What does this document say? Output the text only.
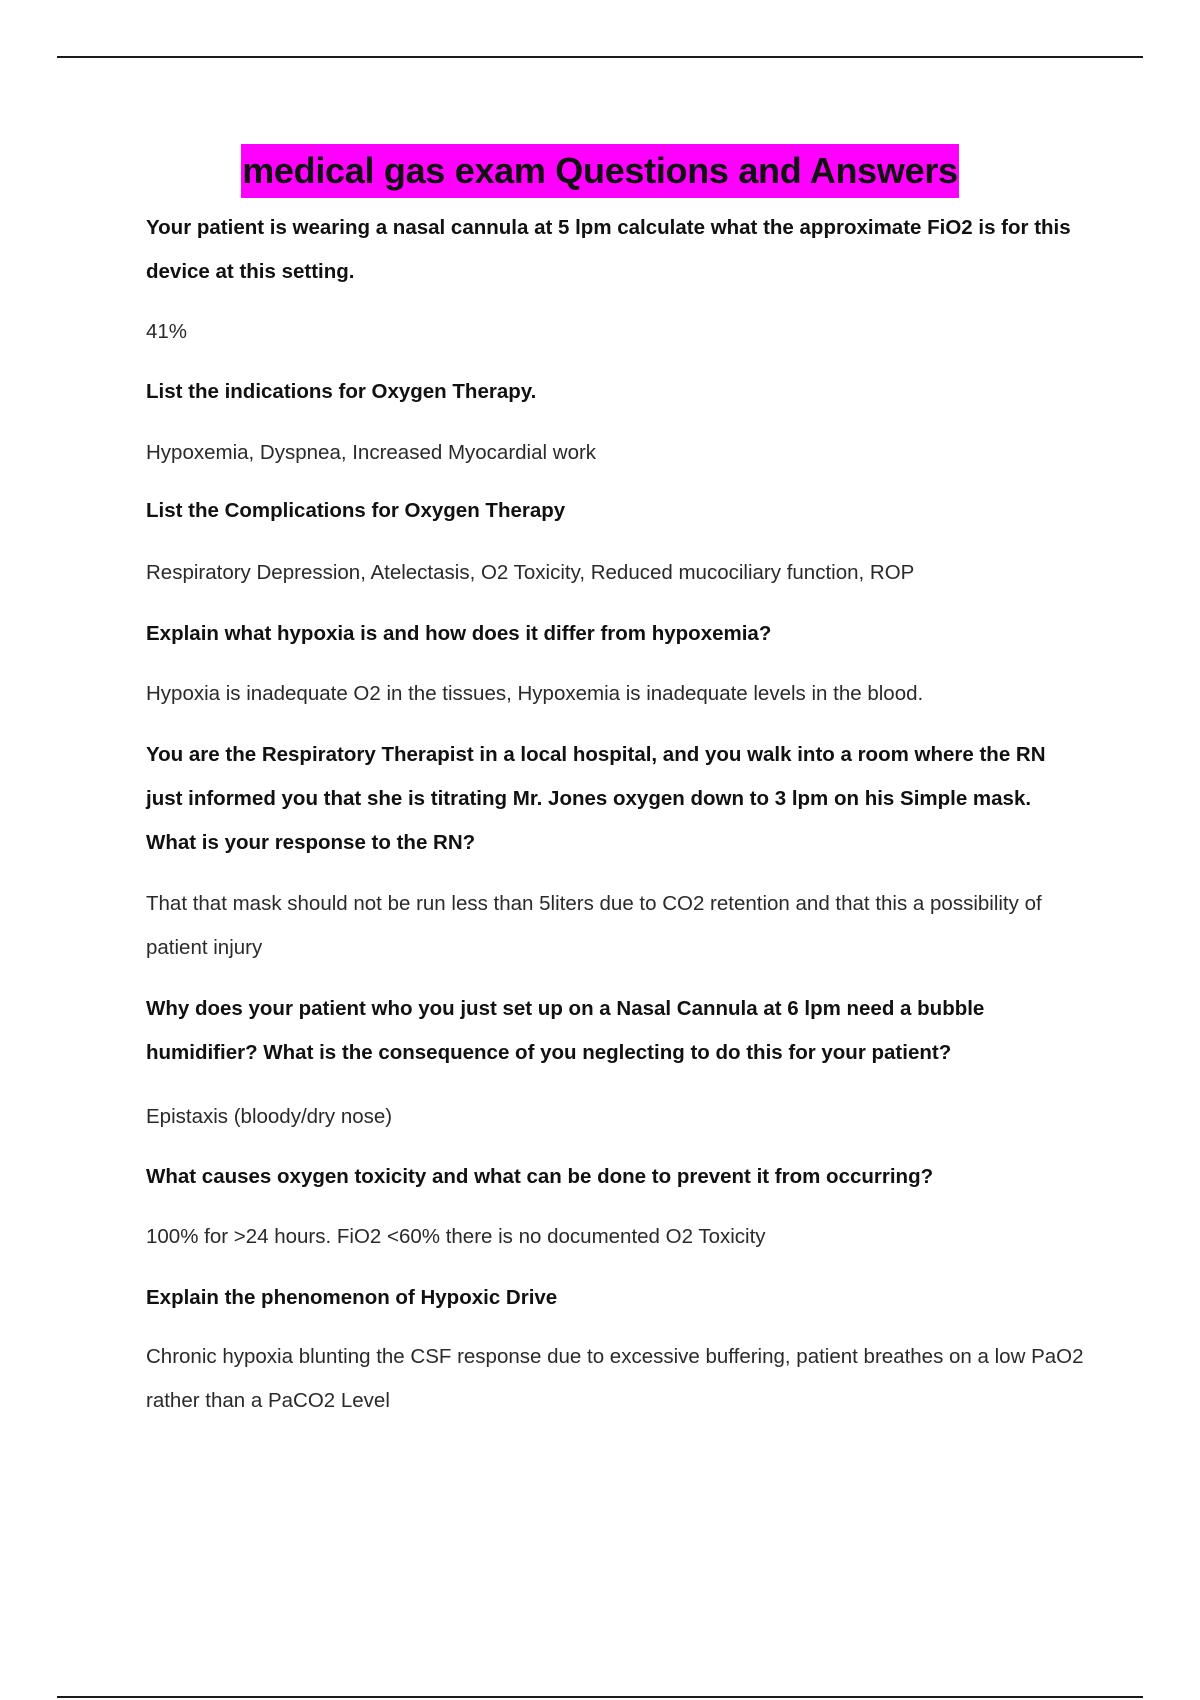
medical gas exam Questions and Answers

Your patient is wearing a nasal cannula at 5 lpm calculate what the approximate FiO2 is for this device at this setting.

41%

List the indications for Oxygen Therapy.

Hypoxemia, Dyspnea, Increased Myocardial work

List the Complications for Oxygen Therapy

Respiratory Depression, Atelectasis, O2 Toxicity, Reduced mucociliary function, ROP

Explain what hypoxia is and how does it differ from hypoxemia?

Hypoxia is inadequate O2 in the tissues, Hypoxemia is inadequate levels in the blood.

You are the Respiratory Therapist in a local hospital, and you walk into a room where the RN just informed you that she is titrating Mr. Jones oxygen down to 3 lpm on his Simple mask. What is your response to the RN?

That that mask should not be run less than 5liters due to CO2 retention and that this a possibility of patient injury

Why does your patient who you just set up on a Nasal Cannula at 6 lpm need a bubble humidifier? What is the consequence of you neglecting to do this for your patient?

Epistaxis (bloody/dry nose)

What causes oxygen toxicity and what can be done to prevent it from occurring?

100% for >24 hours. FiO2 <60% there is no documented O2 Toxicity

Explain the phenomenon of Hypoxic Drive

Chronic hypoxia blunting the CSF response due to excessive buffering, patient breathes on a low PaO2 rather than a PaCO2 Level
